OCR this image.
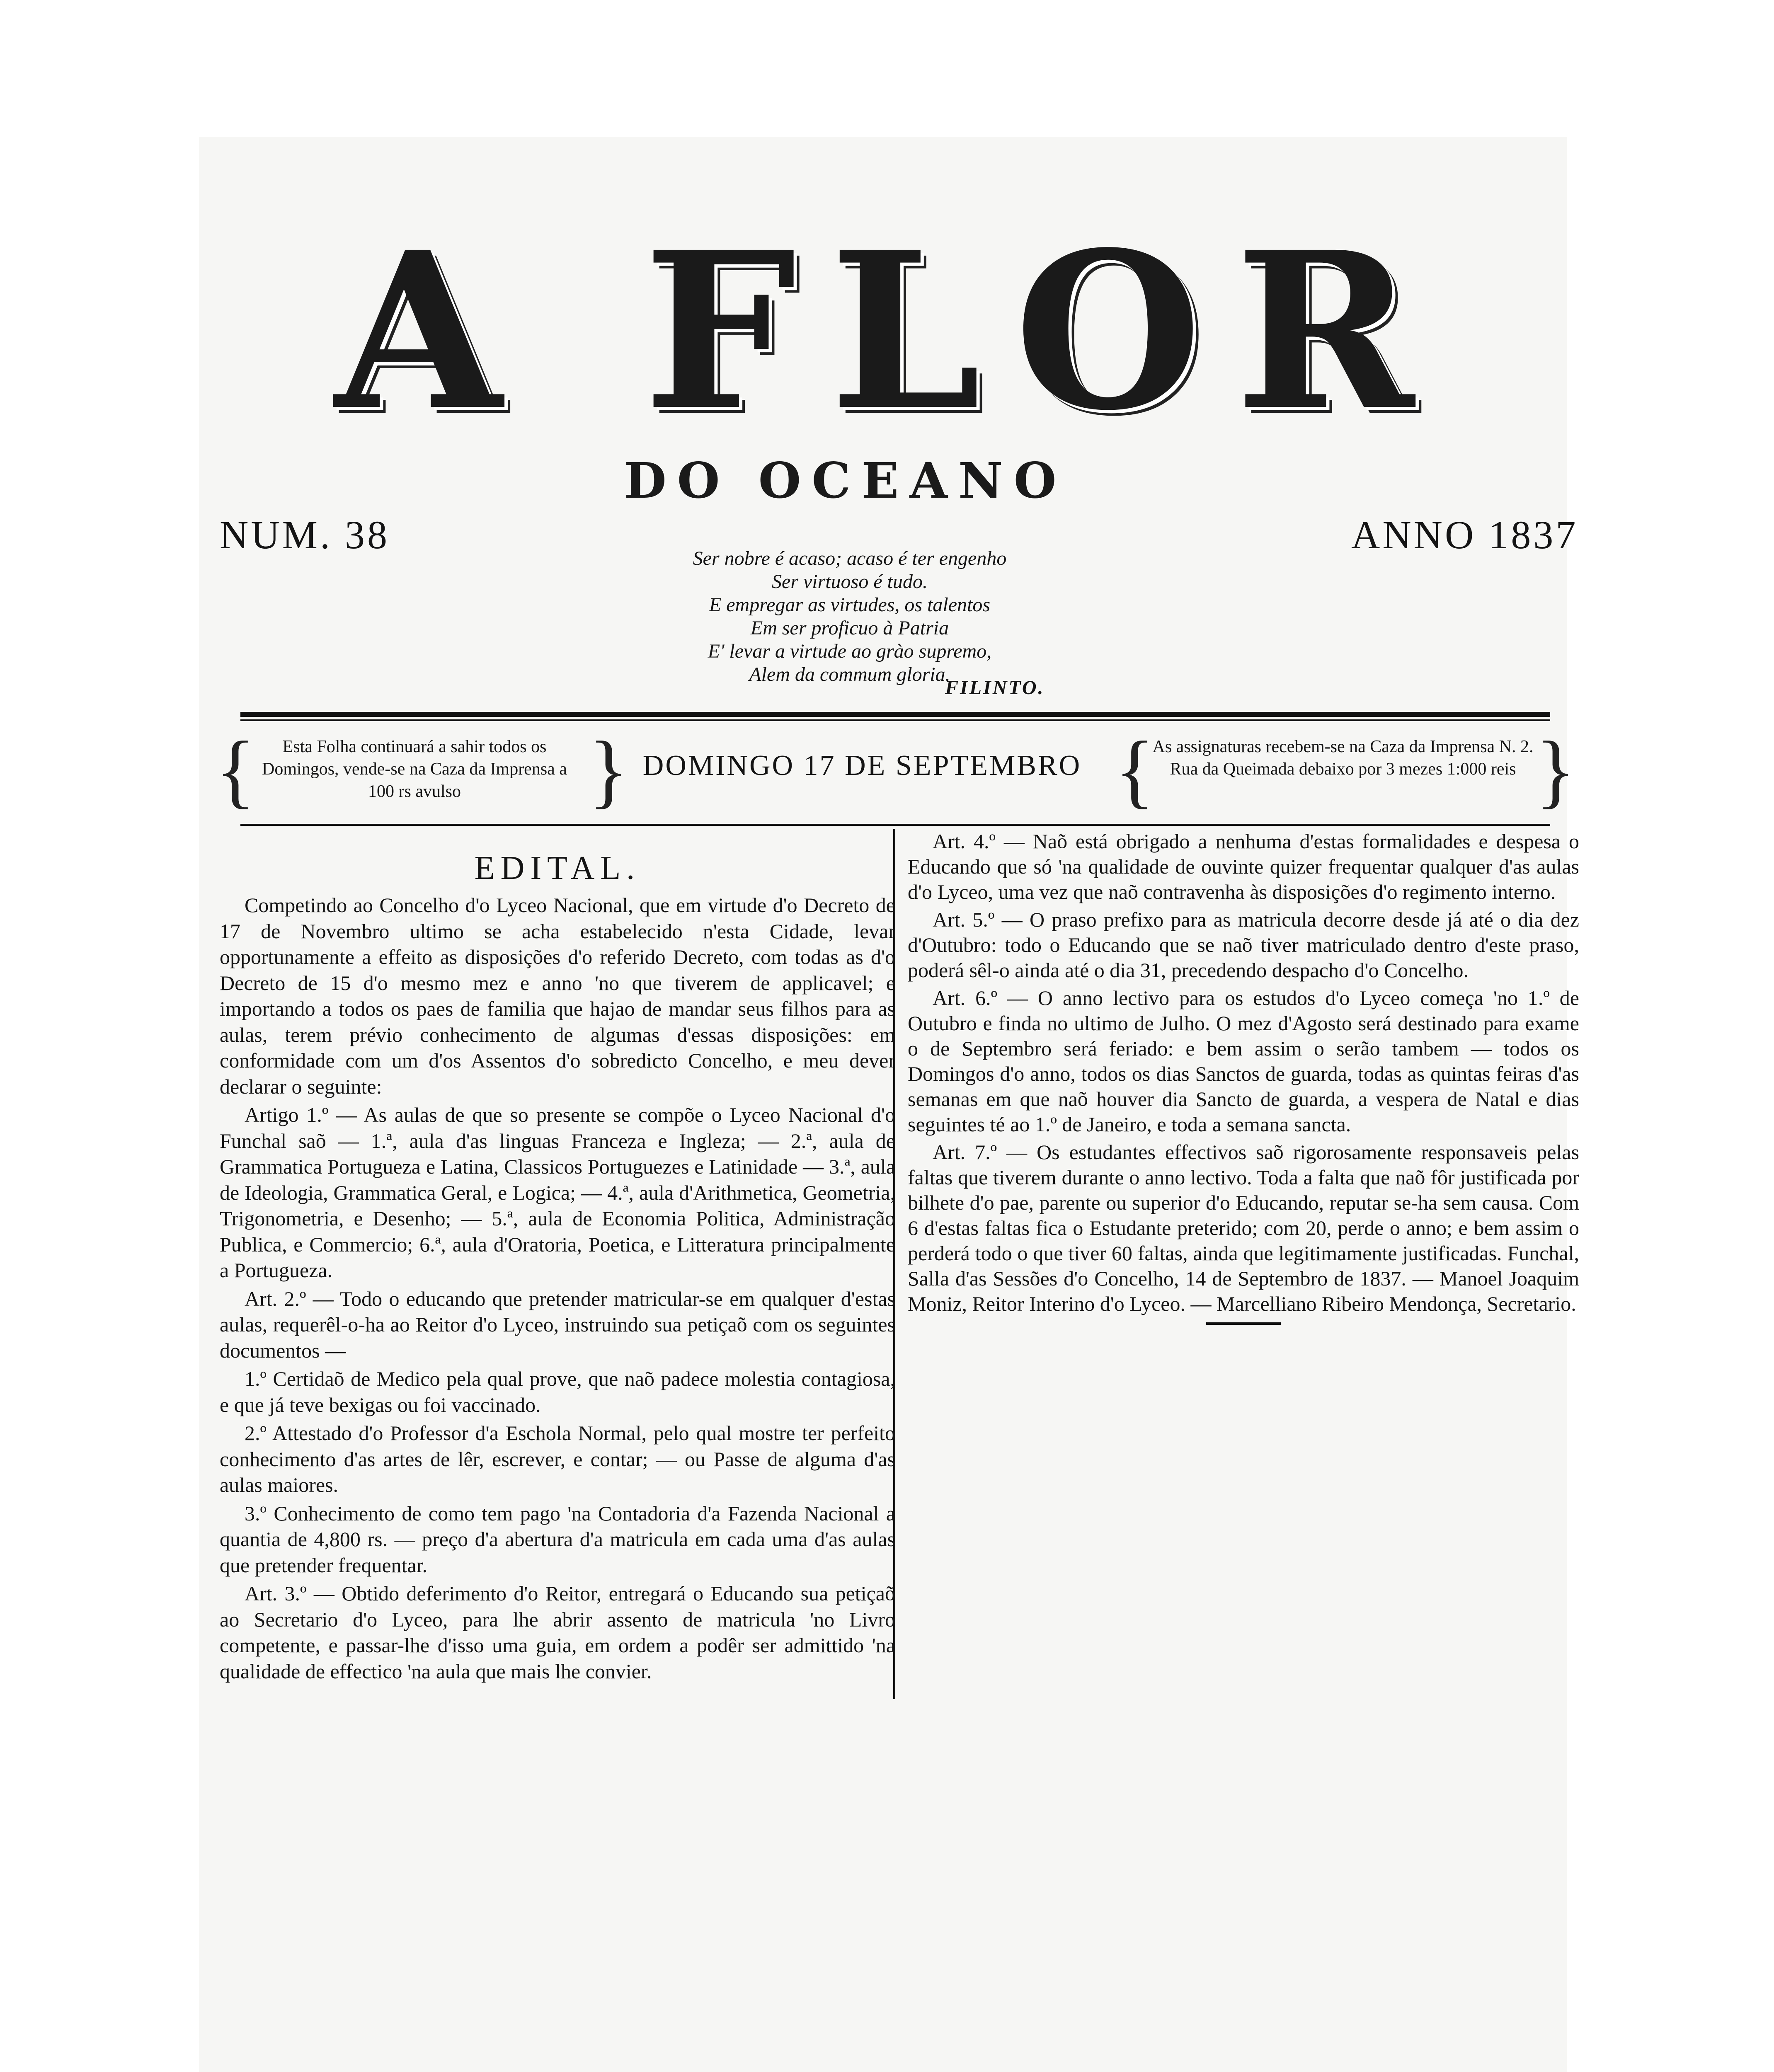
A FLOR
DO OCEANO
NUM. 38	ANNO 1837
Ser nobre é acaso; acaso é ter engenho
Ser virtuoso é tudo.
E empregar as virtudes, os talentos
Em ser proficuo à Patria
E' levar a virtude ao grào supremo,
Alem da commum gloria.
FILINTO.
{	Esta Folha continuará a sahir todos os Domingos, vende-se na Caza da Imprensa a 100 rs avulso	} DOMINGO 17 DE SEPTEMBRO {
As assignaturas recebem-se na Caza da Imprensa N. 2. Rua da Queimada debaixo por 3 mezes 1:000 reis }
EDITAL.

Competindo ao Concelho d'o Lyceo Nacional, que em virtude d'o Decreto de 17 de Novembro ultimo se acha estabelecido n'esta Cidade, levar opportunamente a effeito as disposições d'o referido Decreto, com todas as d'o Decreto de 15 d'o mesmo mez e anno 'no que tiverem de applicavel; e importando a todos os paes de familia que hajao de mandar seus filhos para as aulas, terem prévio conhecimento de algumas d'essas disposições: em conformidade com um d'os Assentos d'o sobredicto Concelho, e meu dever declarar o seguinte:

Artigo 1.º — As aulas de que so presente se compõe o Lyceo Nacional d'o Funchal saõ — 1.ª, aula d'as linguas Franceza e Ingleza; — 2.ª, aula de Grammatica Portugueza e Latina, Classicos Portuguezes e Latinidade — 3.ª, aula de Ideologia, Grammatica Geral, e Logica; — 4.ª, aula d'Arithmetica, Geometria, Trigonometria, e Desenho; — 5.ª, aula de Economia Politica, Administração Publica, e Commercio; 6.ª, aula d'Oratoria, Poetica, e Litteratura principalmente a Portugueza.

Art. 2.º — Todo o educando que pretender matricular-se em qualquer d'estas aulas, requerêl-o-ha ao Reitor d'o Lyceo, instruindo sua petiçaõ com os seguintes documentos —

1.º Certidaõ de Medico pela qual prove, que naõ padece molestia contagiosa, e que já teve bexigas ou foi vaccinado.

2.º Attestado d'o Professor d'a Eschola Normal, pelo qual mostre ter perfeito conhecimento d'as artes de lêr, escrever, e contar; — ou Passe de alguma d'as aulas maiores.

3.º Conhecimento de como tem pago 'na Contadoria d'a Fazenda Nacional a quantia de 4,800 rs. — preço d'a abertura d'a matricula em cada uma d'as aulas que pretender frequentar.

Art. 3.º — Obtido deferimento d'o Reitor, entregará o Educando sua petiçaõ ao Secretario d'o Lyceo, para lhe abrir assento de matricula 'no Livro competente, e passar-lhe d'isso uma guia, em ordem a podêr ser admittido 'na qualidade de effectico 'na aula que mais lhe convier.

Art. 4.º — Naõ está obrigado a nenhuma d'estas formalidades e despesa o Educando que só 'na qualidade de ouvinte quizer frequentar qualquer d'as aulas d'o Lyceo, uma vez que naõ contravenha às disposições d'o regimento interno.

Art. 5.º — O praso prefixo para as matricula decorre desde já até o dia dez d'Outubro: todo o Educando que se naõ tiver matriculado dentro d'este praso, poderá sêl-o ainda até o dia 31, precedendo despacho d'o Concelho.

Art. 6.º — O anno lectivo para os estudos d'o Lyceo começa 'no 1.º de Outubro e finda no ultimo de Julho. O mez d'Agosto será destinado para exame o de Septembro será feriado: e bem assim o serão tambem — todos os Domingos d'o anno, todos os dias Sanctos de guarda, todas as quintas feiras d'as semanas em que naõ houver dia Sancto de guarda, a vespera de Natal e dias seguintes té ao 1.º de Janeiro, e toda a semana sancta.

Art. 7.º — Os estudantes effectivos saõ rigorosamente responsaveis pelas faltas que tiverem durante o anno lectivo. Toda a falta que naõ fôr justificada por bilhete d'o pae, parente ou superior d'o Educando, reputar se-ha sem causa. Com 6 d'estas faltas fica o Estudante preterido; com 20, perde o anno; e bem assim o perderá todo o que tiver 60 faltas, ainda que legitimamente justificadas. Funchal, Salla d'as Sessões d'o Concelho, 14 de Septembro de 1837. — Manoel Joaquim Moniz, Reitor Interino d'o Lyceo. — Marcelliano Ribeiro Mendonça, Secretario.
